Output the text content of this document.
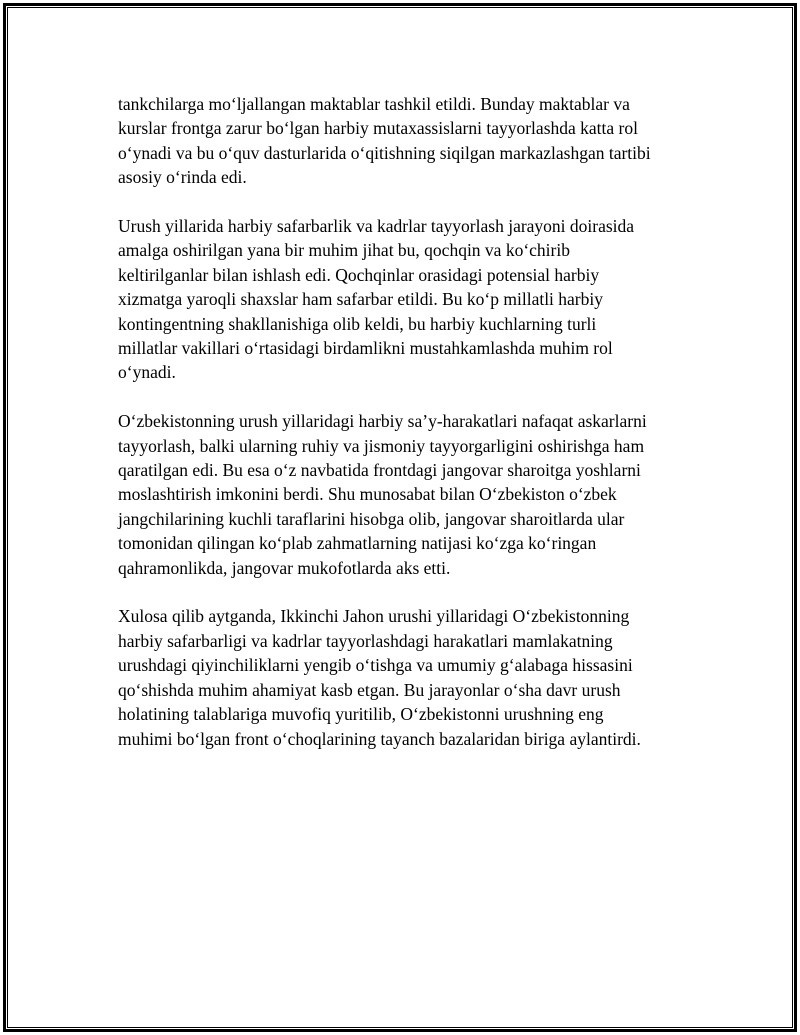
tankchilarga mo‘ljallangan maktablar tashkil etildi. Bunday maktablar va
kurslar frontga zarur bo‘lgan harbiy mutaxassislarni tayyorlashda katta rol
o‘ynadi va bu o‘quv dasturlarida o‘qitishning siqilgan markazlashgan tartibi
asosiy o‘rinda edi.

Urush yillarida harbiy safarbarlik va kadrlar tayyorlash jarayoni doirasida
amalga oshirilgan yana bir muhim jihat bu, qochqin va ko‘chirib
keltirilganlar bilan ishlash edi. Qochqinlar orasidagi potensial harbiy
xizmatga yaroqli shaxslar ham safarbar etildi. Bu ko‘p millatli harbiy
kontingentning shakllanishiga olib keldi, bu harbiy kuchlarning turli
millatlar vakillari o‘rtasidagi birdamlikni mustahkamlashda muhim rol
o‘ynadi.

O‘zbekistonning urush yillaridagi harbiy sa’y-harakatlari nafaqat askarlarni
tayyorlash, balki ularning ruhiy va jismoniy tayyorgarligini oshirishga ham
qaratilgan edi. Bu esa o‘z navbatida frontdagi jangovar sharoitga yoshlarni
moslashtirish imkonini berdi. Shu munosabat bilan O‘zbekiston o‘zbek
jangchilarining kuchli taraflarini hisobga olib, jangovar sharoitlarda ular
tomonidan qilingan ko‘plab zahmatlarning natijasi ko‘zga ko‘ringan
qahramonlikda, jangovar mukofotlarda aks etti.

Xulosa qilib aytganda, Ikkinchi Jahon urushi yillaridagi O‘zbekistonning
harbiy safarbarligi va kadrlar tayyorlashdagi harakatlari mamlakatning
urushdagi qiyinchiliklarni yengib o‘tishga va umumiy g‘alabaga hissasini
qo‘shishda muhim ahamiyat kasb etgan. Bu jarayonlar o‘sha davr urush
holatining talablariga muvofiq yuritilib, O‘zbekistonni urushning eng
muhimi bo‘lgan front o‘choqlarining tayanch bazalaridan biriga aylantirdi.
